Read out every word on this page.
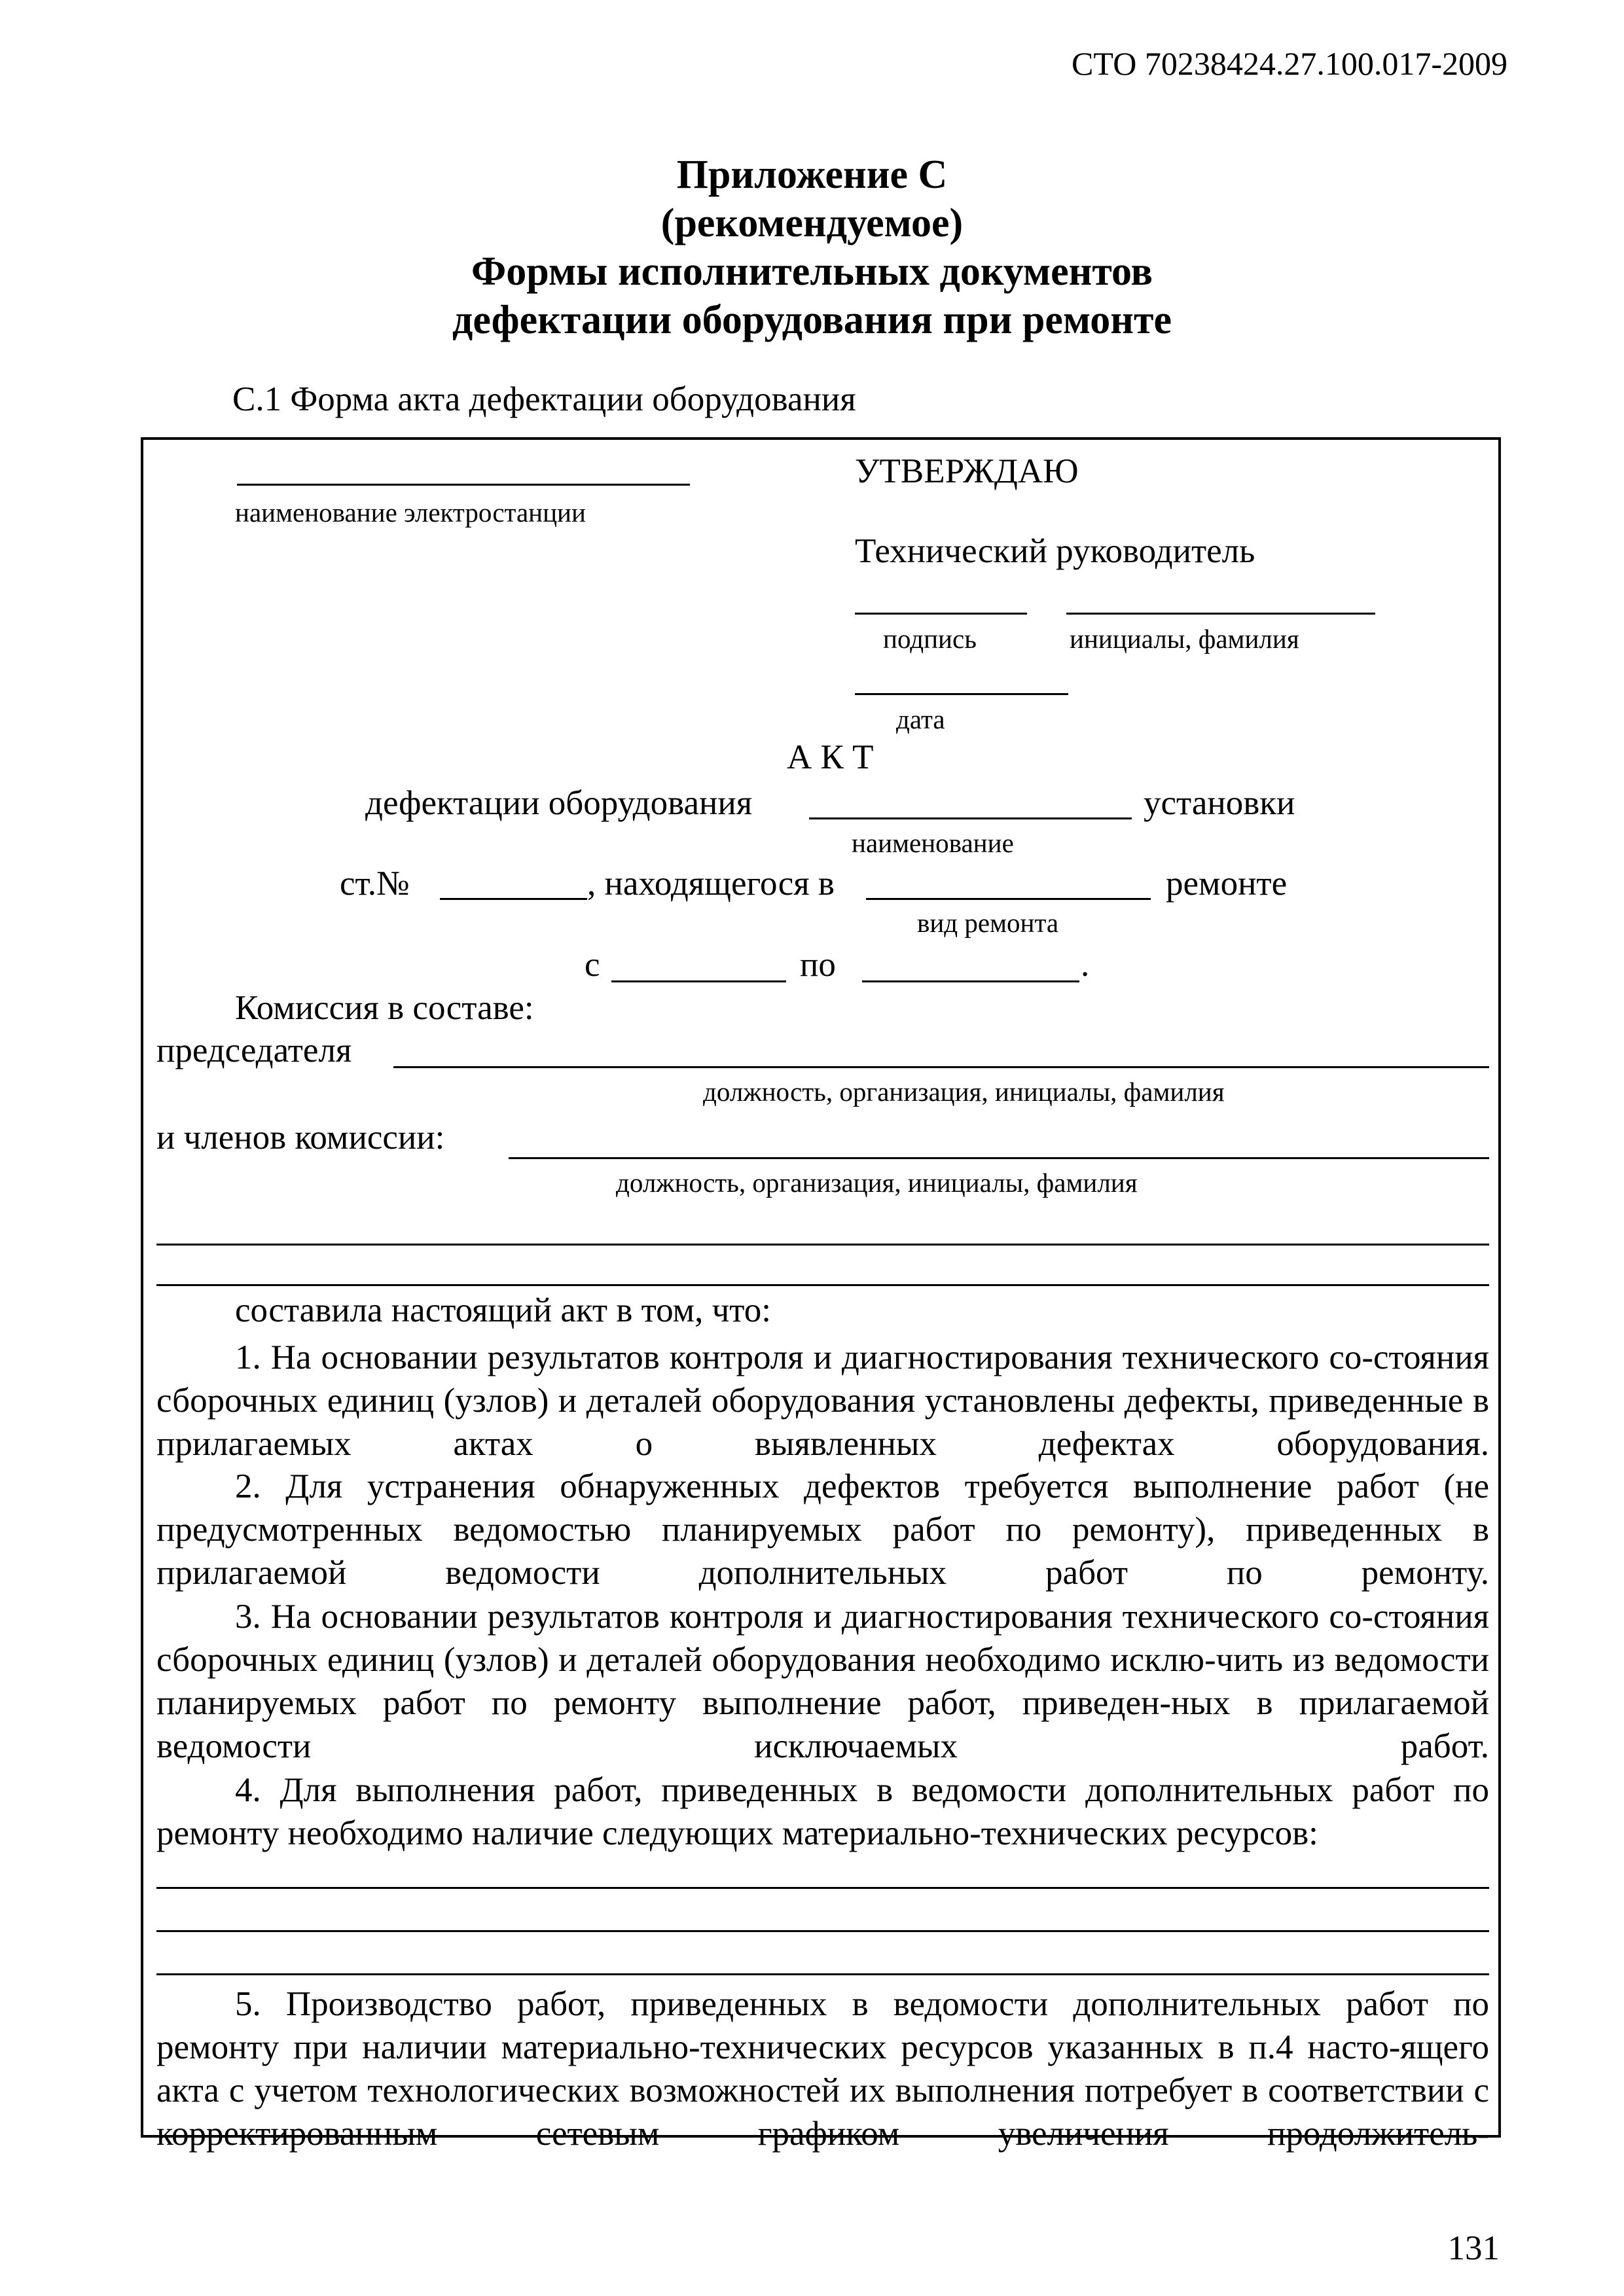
СТО 70238424.27.100.017-2009
Приложение С
(рекомендуемое)
Формы исполнительных документов
дефектации оборудования при ремонте
С.1 Форма акта дефектации оборудования
наименование электростанции
УТВЕРЖДАЮ
Технический руководитель
подпись	инициалы, фамилия
дата
А К Т
дефектации оборудования	установки
наименование
ст.№	, находящегося в	ремонте
вид ремонта
с	по	.
Комиссия в составе:
председателя
должность, организация, инициалы, фамилия
и членов комиссии:
должность, организация, инициалы, фамилия
составила настоящий акт в том, что:
1. На основании результатов контроля и диагностирования технического со-стояния сборочных единиц (узлов) и деталей оборудования установлены дефекты, приведенные в прилагаемых актах о выявленных дефектах оборудования.
2. Для устранения обнаруженных дефектов требуется выполнение работ (не предусмотренных ведомостью планируемых работ по ремонту), приведенных в прилагаемой ведомости дополнительных работ по ремонту.
3. На основании результатов контроля и диагностирования технического со-стояния сборочных единиц (узлов) и деталей оборудования необходимо исклю-чить из ведомости планируемых работ по ремонту выполнение работ, приведен-ных в прилагаемой ведомости исключаемых работ.
4. Для выполнения работ, приведенных в ведомости дополнительных работ по ремонту необходимо наличие следующих материально-технических ресурсов:
5. Производство работ, приведенных в ведомости дополнительных работ по ремонту при наличии материально-технических ресурсов указанных в п.4 насто-ящего акта с учетом технологических возможностей их выполнения потребует в соответствии с корректированным сетевым графиком увеличения продолжитель-
131
